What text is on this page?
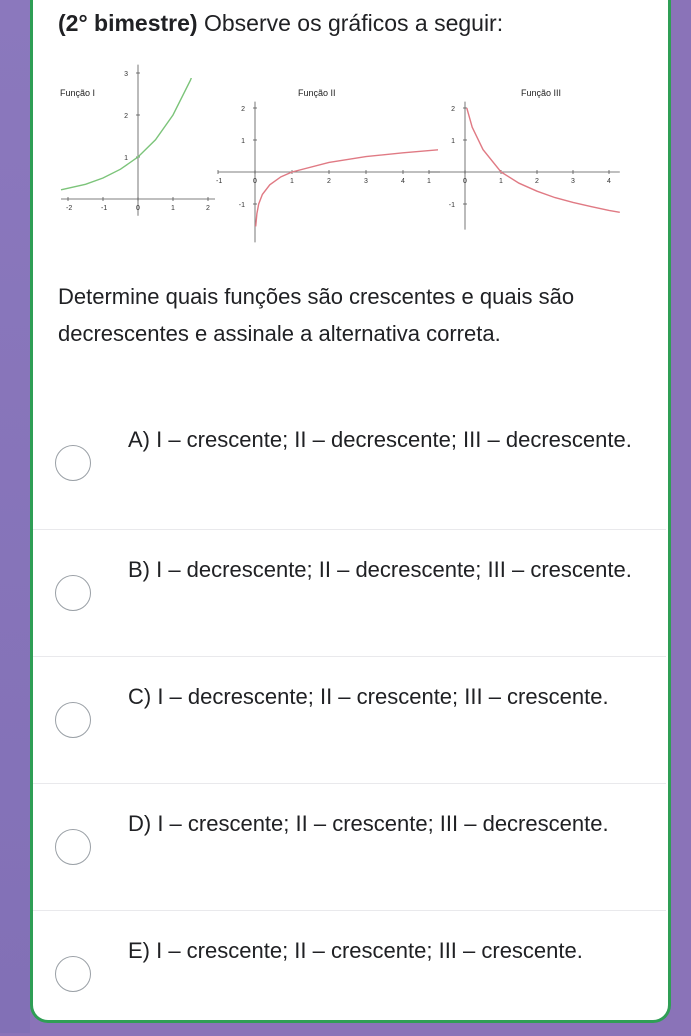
(2° bimestre) Observe os gráficos a seguir:
-2	-1	0	1	2
1
2
3
Função I
-1	0	1	2	3	4
-1
1
2
Função II
1	0	1	2	3	4
-1
1
2
Função III

Determine quais funções são crescentes e quais são decrescentes e assinale a alternativa correta.

A) I – crescente; II – decrescente; III – decrescente.
B) I – decrescente; II – decrescente; III – crescente.
C) I – decrescente; II – crescente; III – crescente.
D) I – crescente; II – crescente; III – decrescente.
E) I – crescente; II – crescente; III – crescente.
